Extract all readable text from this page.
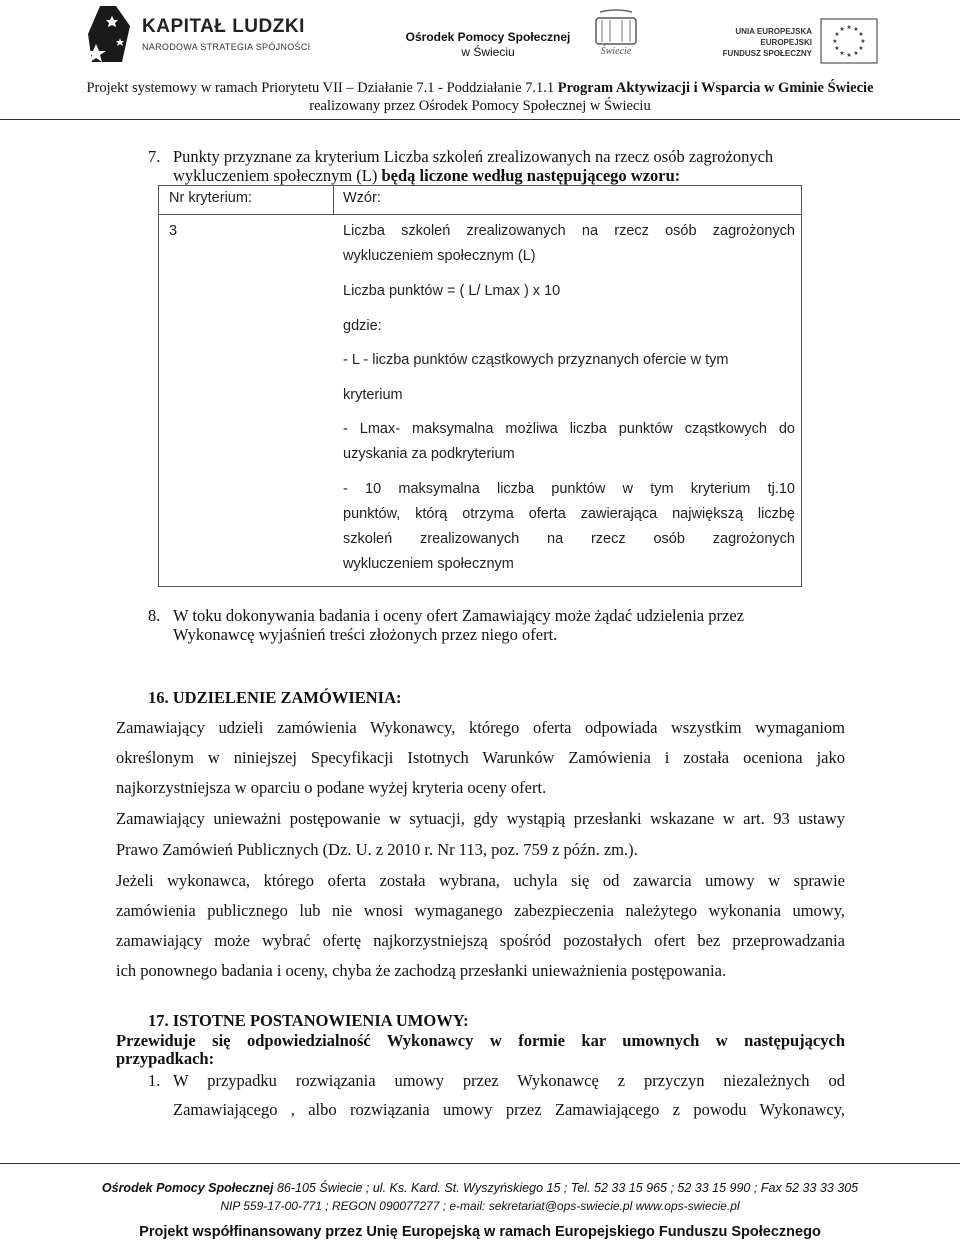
KAPITAŁ LUDZKI
NARODOWA STRATEGIA SPÓJNOŚCI
Ośrodek Pomocy Społecznej
w Świeciu	Świecie
UNIA EUROPEJSKA
EUROPEJSKI
FUNDUSZ SPOŁECZNY
★ ★
★
★
★
★
★
★
★
★
★
★
Projekt systemowy w ramach Priorytetu VII – Działanie 7.1 - Poddziałanie 7.1.1 Program Aktywizacji i Wsparcia w Gminie Świecie
realizowany przez Ośrodek Pomocy Społecznej w Świeciu
7. Punkty przyznane za kryterium Liczba szkoleń zrealizowanych na rzecz osób zagrożonych
wykluczeniem społecznym (L) będą liczone według następującego wzoru:
Nr kryterium:	Wzór:
3	Liczba szkoleń zrealizowanych na rzecz osób zagrożonych
wykluczeniem społecznym (L)
Liczba punktów = ( L/ Lmax ) x 10
gdzie:
- L - liczba punktów cząstkowych przyznanych ofercie w tym
kryterium
- Lmax- maksymalna możliwa liczba punktów cząstkowych do
uzyskania za podkryterium
- 10 maksymalna liczba punktów w tym kryterium tj.10
punktów, którą otrzyma oferta zawierająca największą liczbę
szkoleń zrealizowanych na rzecz osób zagrożonych
wykluczeniem społecznym
8. W toku dokonywania badania i oceny ofert Zamawiający może żądać udzielenia przez
Wykonawcę wyjaśnień treści złożonych przez niego ofert.
16. UDZIELENIE ZAMÓWIENIA:
Zamawiający udzieli zamówienia Wykonawcy, którego oferta odpowiada wszystkim wymaganiom
określonym w niniejszej Specyfikacji Istotnych Warunków Zamówienia i została oceniona jako
najkorzystniejsza w oparciu o podane wyżej kryteria oceny ofert.
Zamawiający unieważni postępowanie w sytuacji, gdy wystąpią przesłanki wskazane w art. 93 ustawy
Prawo Zamówień Publicznych (Dz. U. z 2010 r. Nr 113, poz. 759 z późn. zm.).
Jeżeli wykonawca, którego oferta została wybrana, uchyla się od zawarcia umowy w sprawie
zamówienia publicznego lub nie wnosi wymaganego zabezpieczenia należytego wykonania umowy,
zamawiający może wybrać ofertę najkorzystniejszą spośród pozostałych ofert bez przeprowadzania
ich ponownego badania i oceny, chyba że zachodzą przesłanki unieważnienia postępowania.
17. ISTOTNE POSTANOWIENIA UMOWY:
Przewiduje się odpowiedzialność Wykonawcy w formie kar umownych w następujących
przypadkach:
1. W przypadku rozwiązania umowy przez Wykonawcę z przyczyn niezależnych od
Zamawiającego , albo rozwiązania umowy przez Zamawiającego z powodu Wykonawcy,
Ośrodek Pomocy Społecznej 86-105 Świecie ; ul. Ks. Kard. St. Wyszyńskiego 15 ; Tel. 52 33 15 965 ; 52 33 15 990 ; Fax 52 33 33 305
NIP 559-17-00-771 ; REGON 090077277 ; e-mail: sekretariat@ops-swiecie.pl www.ops-swiecie.pl
Projekt współfinansowany przez Unię Europejską w ramach Europejskiego Funduszu Społecznego
